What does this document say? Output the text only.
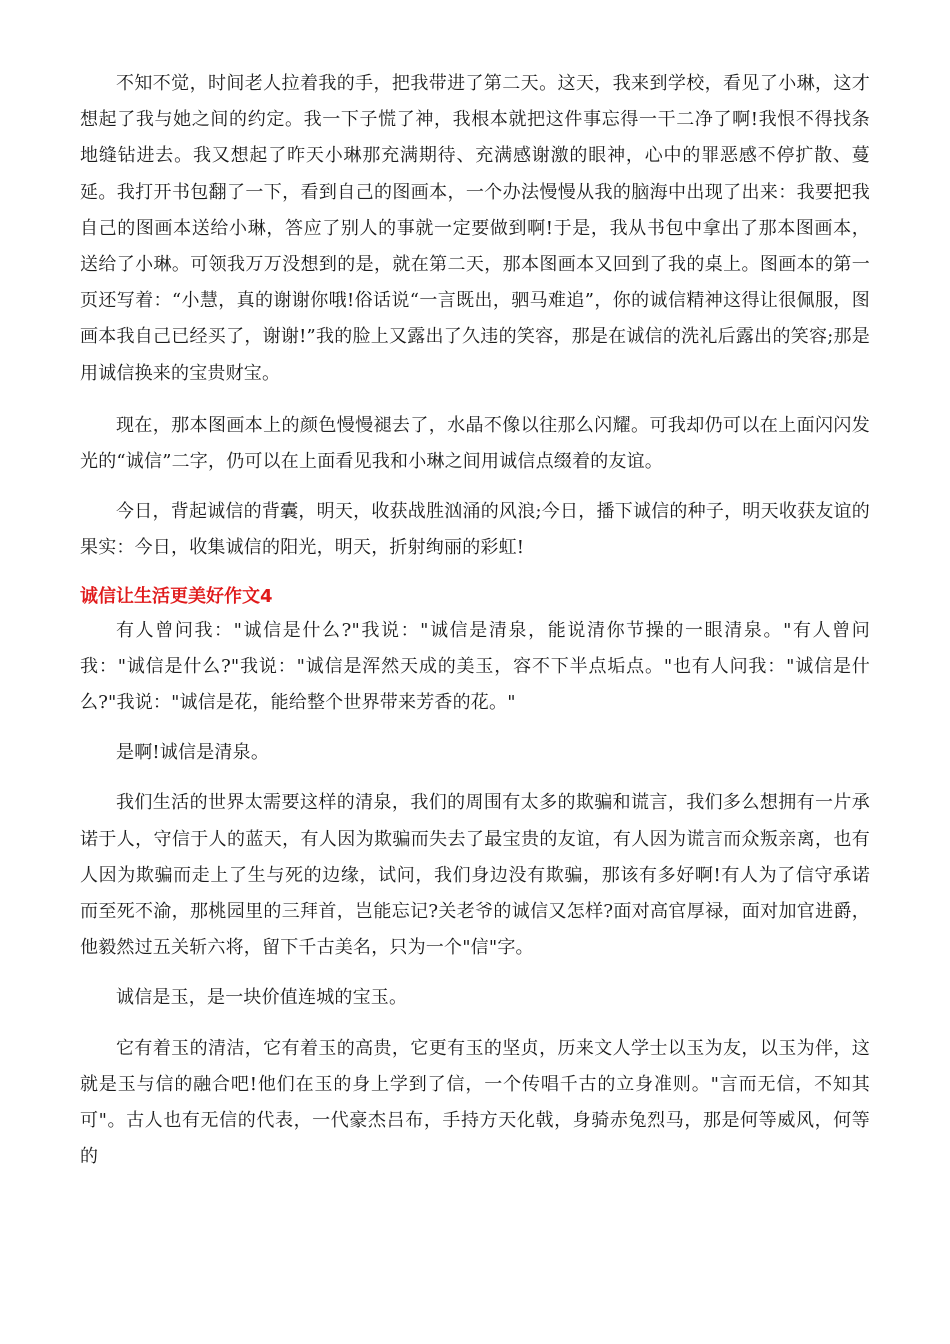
不知不觉，时间老人拉着我的手，把我带进了第二天。这天，我来到学校，看见了小琳，这才想起了我与她之间的约定。我一下子慌了神，我根本就把这件事忘得一干二净了啊!我恨不得找条地缝钻进去。我又想起了昨天小琳那充满期待、充满感谢激的眼神，心中的罪恶感不停扩散、蔓延。我打开书包翻了一下，看到自己的图画本，一个办法慢慢从我的脑海中出现了出来：我要把我自己的图画本送给小琳，答应了别人的事就一定要做到啊!于是，我从书包中拿出了那本图画本，送给了小琳。可领我万万没想到的是，就在第二天，那本图画本又回到了我的桌上。图画本的第一页还写着：“小慧，真的谢谢你哦!俗话说“一言既出，驷马难追”，你的诚信精神这得让很佩服，图画本我自己已经买了，谢谢!”我的脸上又露出了久违的笑容，那是在诚信的洗礼后露出的笑容;那是用诚信换来的宝贵财宝。

现在，那本图画本上的颜色慢慢褪去了，水晶不像以往那么闪耀。可我却仍可以在上面闪闪发光的“诚信”二字，仍可以在上面看见我和小琳之间用诚信点缀着的友谊。

今日，背起诚信的背囊，明天，收获战胜汹涌的风浪;今日，播下诚信的种子，明天收获友谊的果实：今日，收集诚信的阳光，明天，折射绚丽的彩虹!

诚信让生活更美好作文4

有人曾问我："诚信是什么?"我说："诚信是清泉，能说清你节操的一眼清泉。"有人曾问我："诚信是什么?"我说："诚信是浑然天成的美玉，容不下半点垢点。"也有人问我："诚信是什么?"我说："诚信是花，能给整个世界带来芳香的花。"

是啊!诚信是清泉。

我们生活的世界太需要这样的清泉，我们的周围有太多的欺骗和谎言，我们多么想拥有一片承诺于人，守信于人的蓝天，有人因为欺骗而失去了最宝贵的友谊，有人因为谎言而众叛亲离，也有人因为欺骗而走上了生与死的边缘，试问，我们身边没有欺骗，那该有多好啊!有人为了信守承诺而至死不渝，那桃园里的三拜首，岂能忘记?关老爷的诚信又怎样?面对高官厚禄，面对加官进爵，他毅然过五关斩六将，留下千古美名，只为一个"信"字。

诚信是玉，是一块价值连城的宝玉。

它有着玉的清洁，它有着玉的高贵，它更有玉的坚贞，历来文人学士以玉为友，以玉为伴，这就是玉与信的融合吧!他们在玉的身上学到了信，一个传唱千古的立身准则。"言而无信，不知其可"。古人也有无信的代表，一代豪杰吕布，手持方天化戟，身骑赤兔烈马，那是何等威风，何等的
